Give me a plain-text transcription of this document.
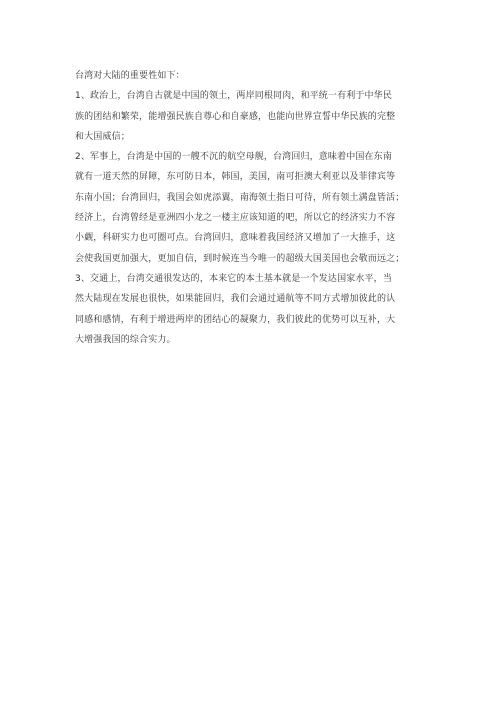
台湾对大陆的重要性如下：
1、政治上，台湾自古就是中国的领土，两岸同根同肉，和平统一有利于中华民
族的团结和繁荣，能增强民族自尊心和自豪感，也能向世界宣誓中华民族的完整
和大国威信；
2、军事上，台湾是中国的一艘不沉的航空母舰，台湾回归，意味着中国在东南
就有一道天然的屏障，东可防日本，韩国，美国，南可拒澳大利亚以及菲律宾等
东南小国；台湾回归，我国会如虎添翼，南海领土指日可待，所有领土满盘皆活；
经济上，台湾曾经是亚洲四小龙之一楼主应该知道的吧，所以它的经济实力不容
小觑，科研实力也可圈可点。台湾回归，意味着我国经济又增加了一大推手，这
会使我国更加强大，更加自信，到时候连当今唯一的超级大国美国也会敬而远之；
3、交通上，台湾交通很发达的，本来它的本土基本就是一个发达国家水平，当
然大陆现在发展也很快，如果能回归，我们会通过通航等不同方式增加彼此的认
同感和感情，有利于增进两岸的团结心的凝聚力，我们彼此的优势可以互补，大
大增强我国的综合实力。
